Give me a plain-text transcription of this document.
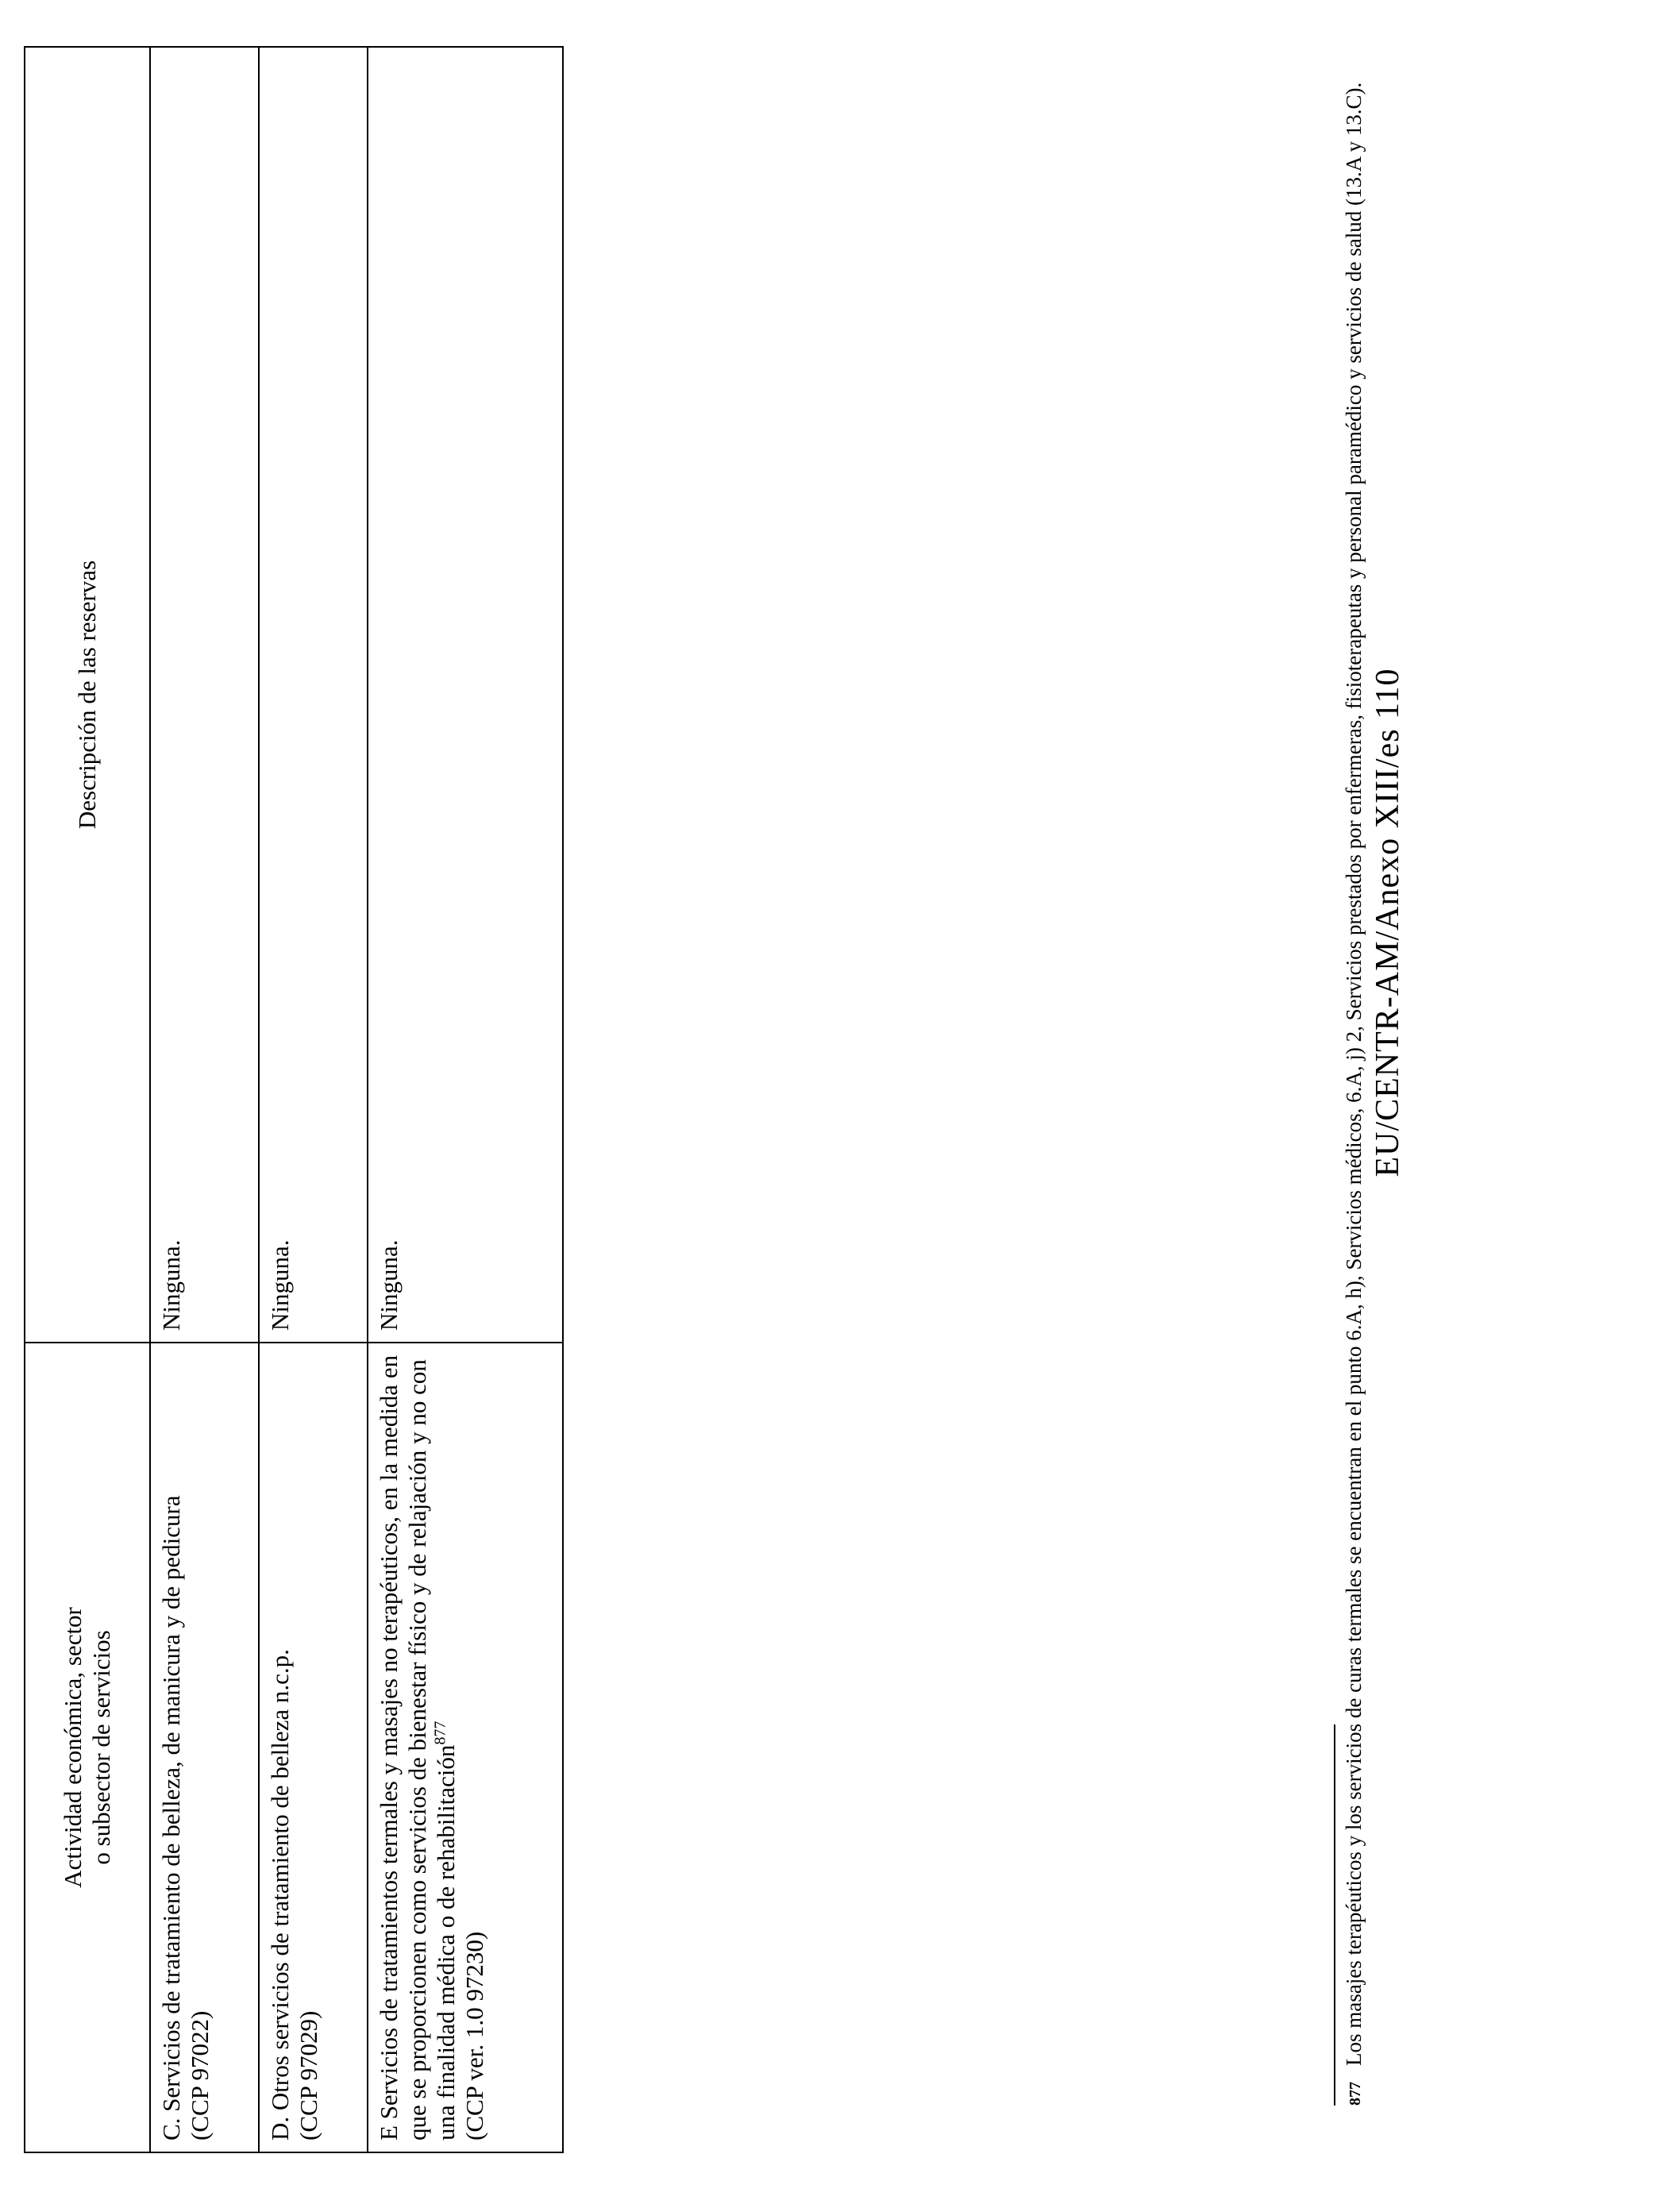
Actividad económica, sector o subsector de servicios	Descripción de las reservas

C. Servicios de tratamiento de belleza, de manicura y de pedicura (CCP 97022)	Ninguna.

D. Otros servicios de tratamiento de belleza n.c.p. (CCP 97029)	Ninguna.
E Servicios de tratamientos termales y masajes no terapéuticos, en la medida en que se proporcionen como servicios de bienestar físico y de relajación y no con una finalidad médica o de rehabilitación$^{877}$
(CCP ver. 1.0 97230)	Ninguna.
877
Los masajes terapéuticos y los servicios de curas termales se encuentran en el punto 6.A, h), Servicios médicos, 6.A, j) 2, Servicios prestados por enfermeras, fisioterapeutas y personal paramédico y servicios de salud (13.A y 13.C). EU/CENTR-AM/Anexo XIII/es 110
